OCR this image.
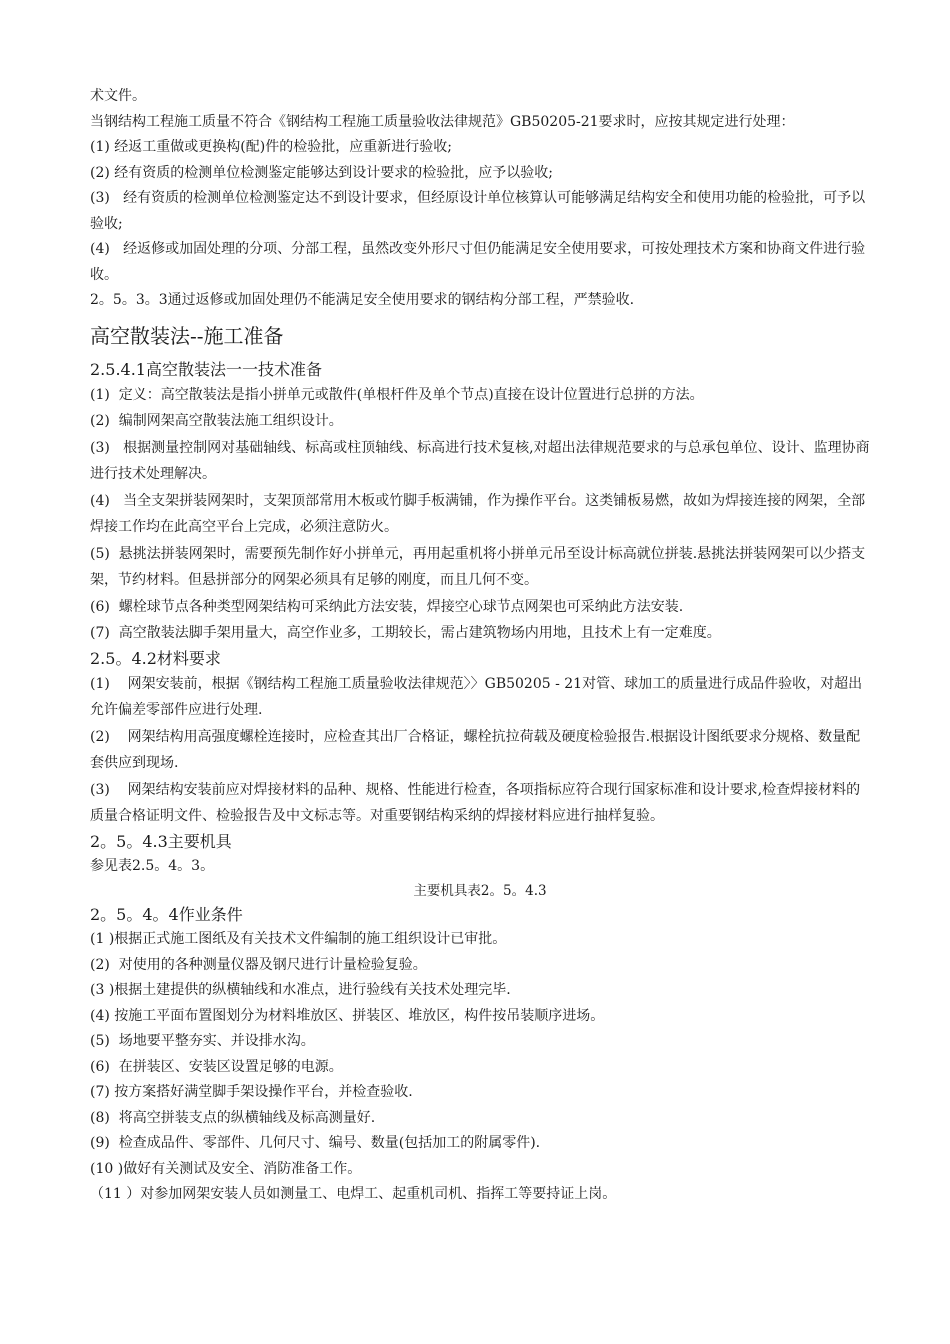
术文件。

当钢结构工程施工质量不符合《钢结构工程施工质量验收法律规范》GB50205-21要求时，应按其规定进行处理：

(1) 经返工重做或更换构(配)件的检验批，应重新进行验收;

(2) 经有资质的检测单位检测鉴定能够达到设计要求的检验批，应予以验收;

(3)   经有资质的检测单位检测鉴定达不到设计要求，但经原设计单位核算认可能够满足结构安全和使用功能的检验批，可予以验收;

(4)   经返修或加固处理的分项、分部工程，虽然改变外形尺寸但仍能满足安全使用要求，可按处理技术方案和协商文件进行验收。

2。5。3。3通过返修或加固处理仍不能满足安全使用要求的钢结构分部工程，严禁验收.

高空散装法--施工准备
2.5.4.1高空散装法一一技术准备

(1)  定义：高空散装法是指小拼单元或散件(单根杆件及单个节点)直接在设计位置进行总拼的方法。

(2)  编制网架高空散装法施工组织设计。

(3)   根据测量控制网对基础轴线、标高或柱顶轴线、标高进行技术复核,对超出法律规范要求的与总承包单位、设计、监理协商进行技术处理解决。

(4)   当全支架拼装网架时，支架顶部常用木板或竹脚手板满铺，作为操作平台。这类铺板易燃，故如为焊接连接的网架，全部焊接工作均在此高空平台上完成，必须注意防火。

(5)  悬挑法拼装网架时，需要预先制作好小拼单元，再用起重机将小拼单元吊至设计标高就位拼装.悬挑法拼装网架可以少搭支架，节约材料。但悬拼部分的网架必须具有足够的刚度，而且几何不变。

(6)  螺栓球节点各种类型网架结构可采纳此方法安装，焊接空心球节点网架也可采纳此方法安装.

(7)  高空散装法脚手架用量大，高空作业多，工期较长，需占建筑物场内用地，且技术上有一定难度。

2.5。4.2材料要求

(1)    网架安装前，根据《钢结构工程施工质量验收法律规范〉〉GB50205 - 21对管、球加工的质量进行成品件验收，对超出允许偏差零部件应进行处理.

(2)    网架结构用高强度螺栓连接时，应检查其出厂合格证，螺栓抗拉荷载及硬度检验报告.根据设计图纸要求分规格、数量配套供应到现场.

(3)    网架结构安装前应对焊接材料的品种、规格、性能进行检查，各项指标应符合现行国家标准和设计要求,检查焊接材料的质量合格证明文件、检验报告及中文标志等。对重要钢结构采纳的焊接材料应进行抽样复验。

2。5。4.3主要机具

参见表2.5。4。3。

主要机具表2。5。4.3

2。5。4。4作业条件

(1 )根据正式施工图纸及有关技术文件编制的施工组织设计已审批。

(2)  对使用的各种测量仪器及钢尺进行计量检验复验。

(3 )根据土建提供的纵横轴线和水准点，进行验线有关技术处理完毕.

(4) 按施工平面布置图划分为材料堆放区、拼装区、堆放区，构件按吊装顺序进场。

(5)  场地要平整夯实、并设排水沟。

(6)  在拼装区、安装区设置足够的电源。

(7) 按方案搭好满堂脚手架设操作平台，并检查验收.

(8)  将高空拼装支点的纵横轴线及标高测量好.

(9)  检查成品件、零部件、几何尺寸、编号、数量(包括加工的附属零件).

(10 )做好有关测试及安全、消防准备工作。

（11 ）对参加网架安装人员如测量工、电焊工、起重机司机、指挥工等要持证上岗。
